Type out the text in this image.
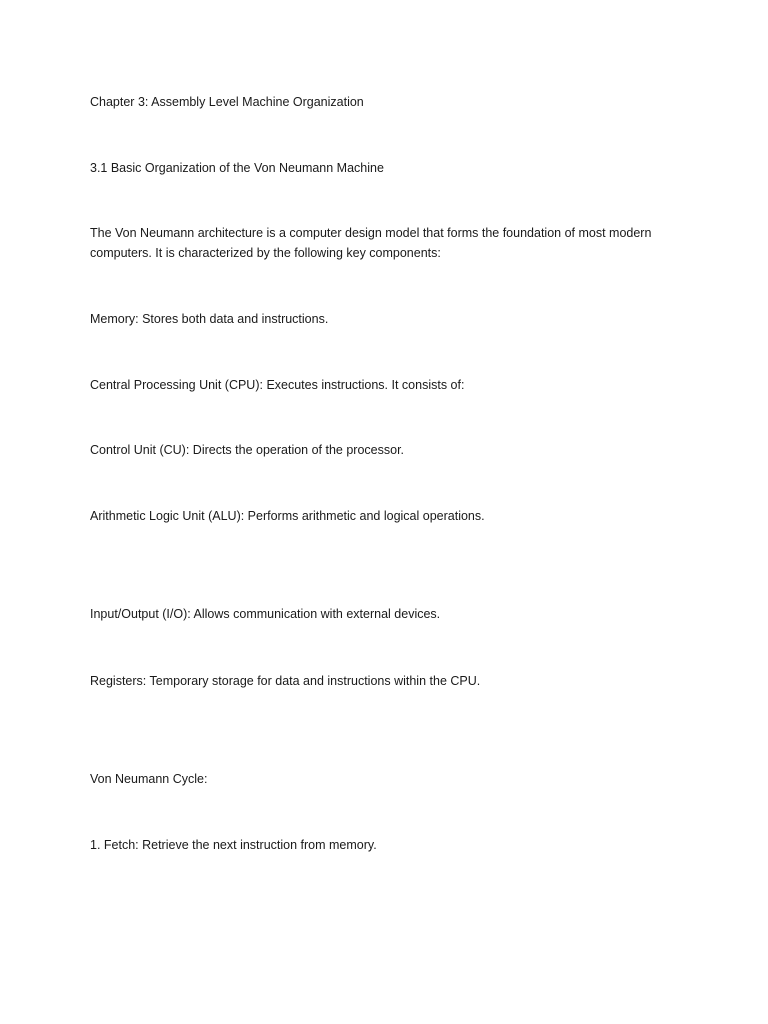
Chapter 3: Assembly Level Machine Organization

3.1 Basic Organization of the Von Neumann Machine

The Von Neumann architecture is a computer design model that forms the foundation of most modern computers. It is characterized by the following key components:

Memory: Stores both data and instructions.

Central Processing Unit (CPU): Executes instructions. It consists of:

Control Unit (CU): Directs the operation of the processor.

Arithmetic Logic Unit (ALU): Performs arithmetic and logical operations.

Input/Output (I/O): Allows communication with external devices.

Registers: Temporary storage for data and instructions within the CPU.

Von Neumann Cycle:

1. Fetch: Retrieve the next instruction from memory.
